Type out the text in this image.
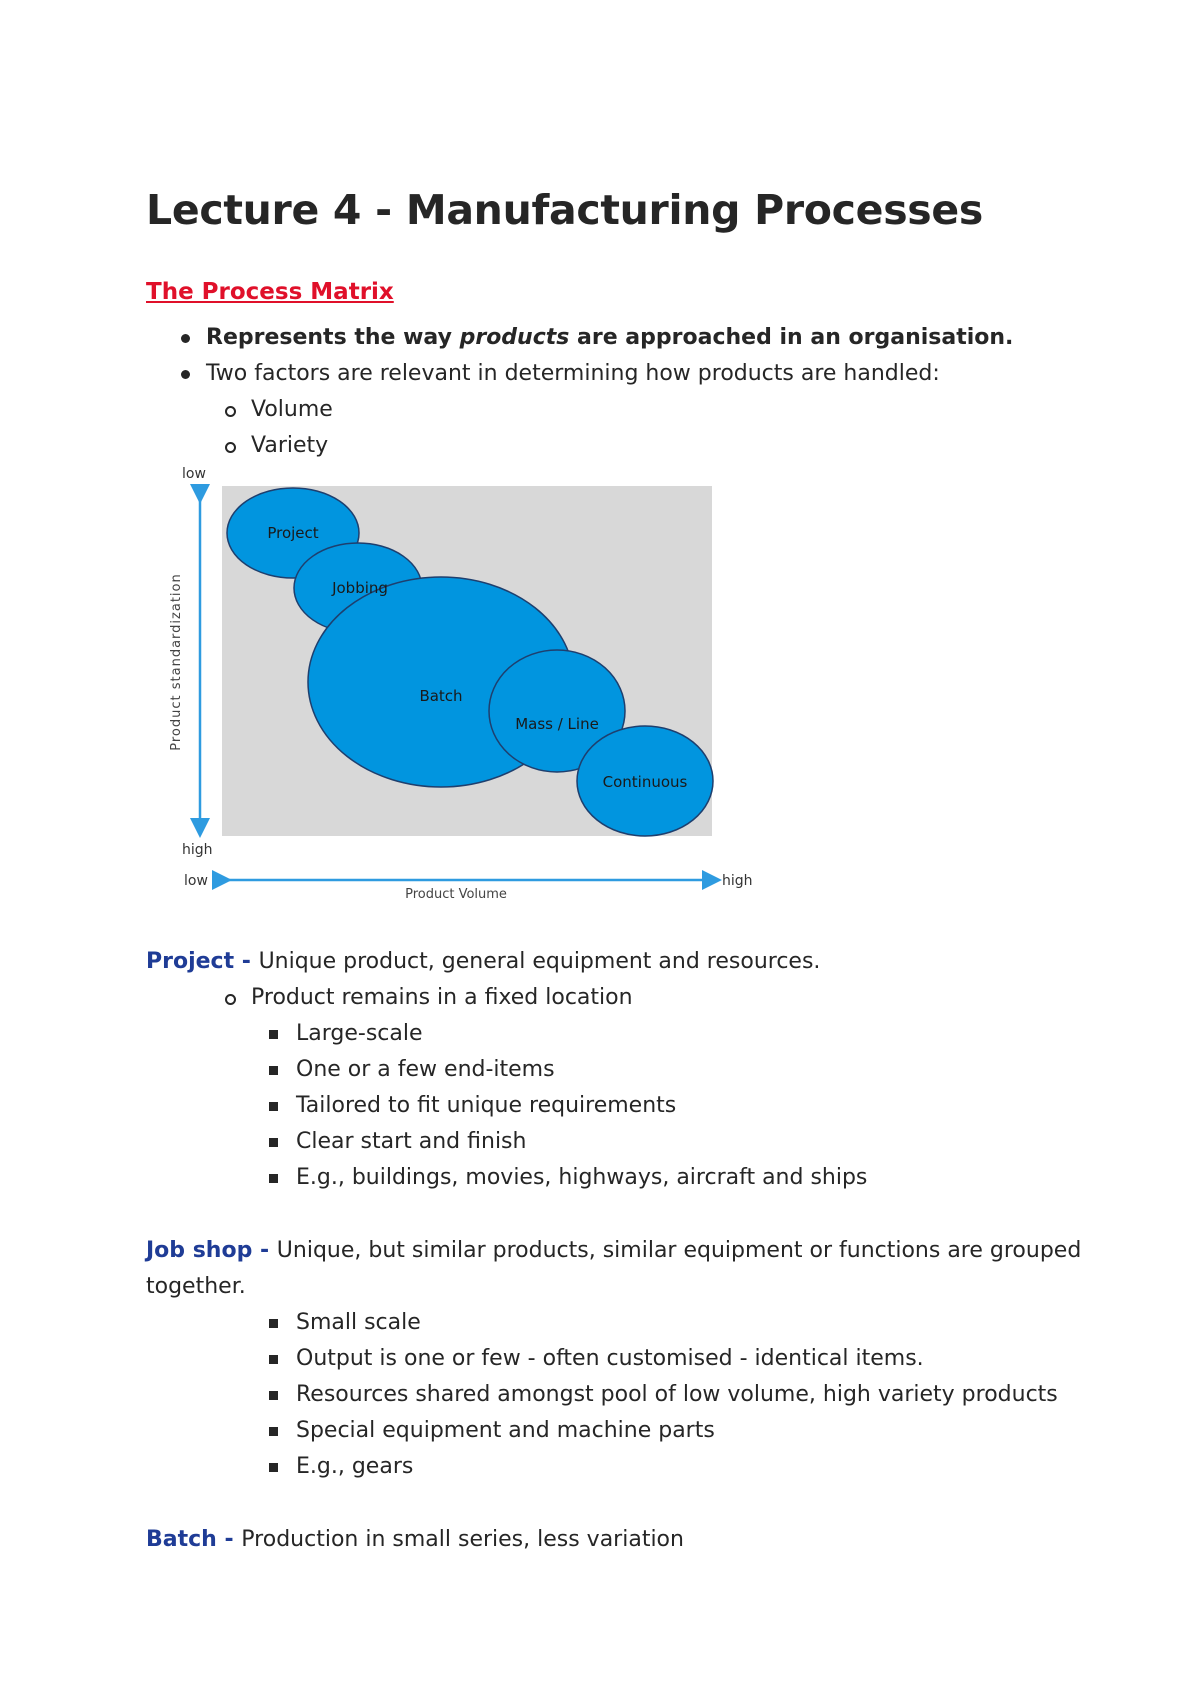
Lecture 4 - Manufacturing Processes
The Process Matrix
Represents the way products are approached in an organisation.
Two factors are relevant in determining how products are handled:
Volume
Variety
low
high
Product standardization
low	high
Product Volume
Project
Jobbing
Batch
Mass / Line
Continuous
Project - Unique product, general equipment and resources.
Product remains in a fixed location
Large-scale
One or a few end-items
Tailored to fit unique requirements
Clear start and finish
E.g., buildings, movies, highways, aircraft and ships
Job shop - Unique, but similar products, similar equipment or functions are grouped
together.
Small scale
Output is one or few - often customised - identical items.
Resources shared amongst pool of low volume, high variety products
Special equipment and machine parts
E.g., gears
Batch - Production in small series, less variation
